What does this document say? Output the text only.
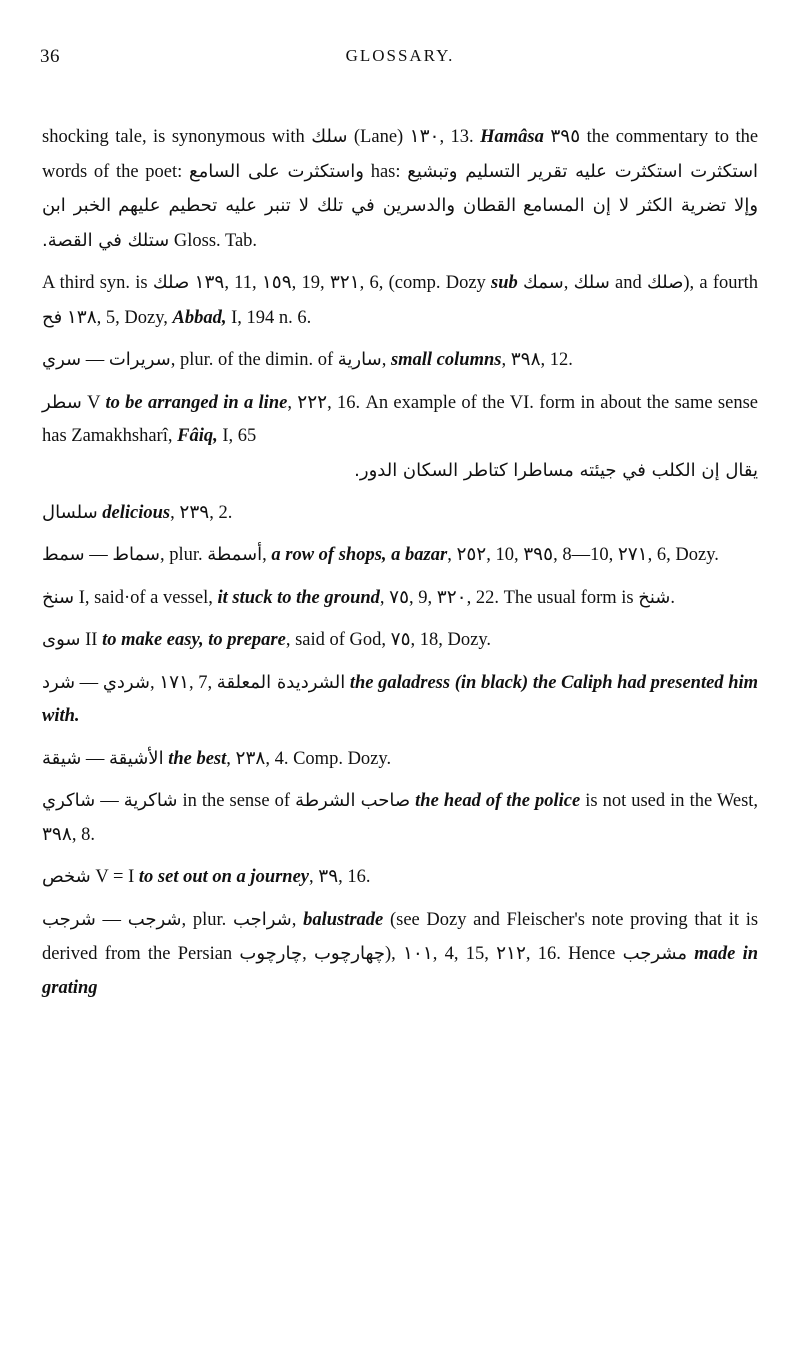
36	GLOSSARY.
shocking tale, is synonymous with سلك (Lane) ١٣٠, 13. Hamâsa ٣٩٥ the commentary to the words of the poet: واستكثرت على السامع has: استكثرت استكثرت عليه تقرير التسليم وتبشيع الخبر ابن القطان والدسرين في تلك لا تنبر عليه تحطيم عليهم وإلا تضرية الكثر لا إن المسامع ستلك في القصة. Gloss. Tab.
A third syn. is صلك ١٣٩, 11, ١٥٩, 19, ٣٢١, 6, (comp. Dozy sub سمك, سلك and صلك), a fourth فح ١٣٨, 5, Dozy, Abbad, I, 194 n. 6.
سري — سريرات, plur. of the dimin. of سارية, small columns, ٣٩٨, 12.
سطر V to be arranged in a line, ٢٢٢, 16. An example of the VI. form in about the same sense has Zamakhsharî, Fâiq, I, 65
يقال إن الكلب في جيئته مساطرا كتاطر السكان الدور.
سلسال delicious, ٢٣٩, 2.
سمط — سماط, plur. أسمطة, a row of shops, a bazar, ٢٥٢, 10, ٣٩٥, 8—10, ٢٧١, 6, Dozy.
سنخ I, said·of a vessel, it stuck to the ground, ٧٥, 9, ٣٢٠, 22. The usual form is شنخ.
سوى II to make easy, to prepare, said of God, ٧٥, 18, Dozy.
شرد — شردي, ١٧١, 7, الشرديدة المعلقة the galadress (in black) the Caliph had presented him with.
شيقة — الأشيقة the best, ٢٣٨, 4. Comp. Dozy.
شاكري — شاكرية in the sense of الشرطة صاحب the head of the police is not used in the West, ٣٩٨, 8.
شخص V = I to set out on a journey, ٣٩, 16.
شرجب — شرجب, plur. شراجب, balustrade (see Dozy and Fleischer's note proving that it is derived from the Persian چارچوب, چهارچوب), ١٠١, 4, 15, ٢١٢, 16. Hence مشرجب made in grating
